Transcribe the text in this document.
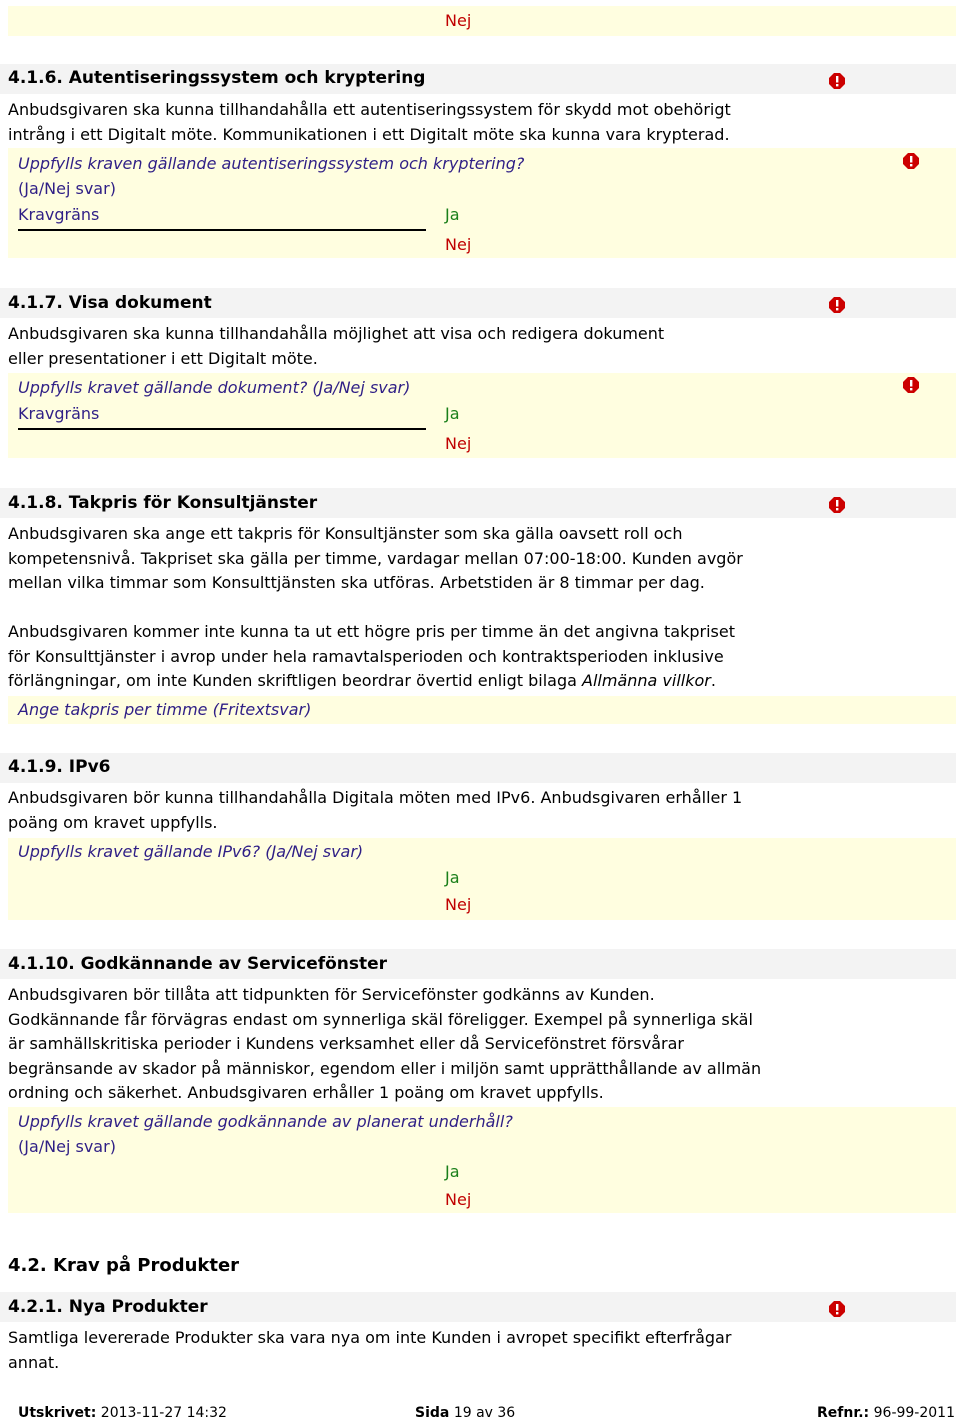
Nej
4.1.6. Autentiseringssystem och kryptering
Anbudsgivaren ska kunna tillhandahålla ett autentiseringssystem för skydd mot obehörigt
intrång i ett Digitalt möte. Kommunikationen i ett Digitalt möte ska kunna vara krypterad.
Uppfylls kraven gällande autentiseringssystem och kryptering?
(Ja/Nej svar)
Kravgräns	Ja
Nej
4.1.7. Visa dokument
Anbudsgivaren ska kunna tillhandahålla möjlighet att visa och redigera dokument
eller presentationer i ett Digitalt möte.
Uppfylls kravet gällande dokument? (Ja/Nej svar)
Kravgräns	Ja
Nej
4.1.8. Takpris för Konsultjänster
Anbudsgivaren ska ange ett takpris för Konsultjänster som ska gälla oavsett roll och
kompetensnivå. Takpriset ska gälla per timme, vardagar mellan 07:00-18:00. Kunden avgör
mellan vilka timmar som Konsulttjänsten ska utföras. Arbetstiden är 8 timmar per dag.
Anbudsgivaren kommer inte kunna ta ut ett högre pris per timme än det angivna takpriset
för Konsulttjänster i avrop under hela ramavtalsperioden och kontraktsperioden inklusive
förlängningar, om inte Kunden skriftligen beordrar övertid enligt bilaga Allmänna villkor.
Ange takpris per timme (Fritextsvar)
4.1.9. IPv6
Anbudsgivaren bör kunna tillhandahålla Digitala möten med IPv6. Anbudsgivaren erhåller 1
poäng om kravet uppfylls.
Uppfylls kravet gällande IPv6? (Ja/Nej svar)
Ja
Nej
4.1.10. Godkännande av Servicefönster
Anbudsgivaren bör tillåta att tidpunkten för Servicefönster godkänns av Kunden.
Godkännande får förvägras endast om synnerliga skäl föreligger. Exempel på synnerliga skäl
är samhällskritiska perioder i Kundens verksamhet eller då Servicefönstret försvårar
begränsande av skador på människor, egendom eller i miljön samt upprätthållande av allmän
ordning och säkerhet. Anbudsgivaren erhåller 1 poäng om kravet uppfylls.
Uppfylls kravet gällande godkännande av planerat underhåll?
(Ja/Nej svar)
Ja
Nej
4.2. Krav på Produkter
4.2.1. Nya Produkter
Samtliga levererade Produkter ska vara nya om inte Kunden i avropet specifikt efterfrågar
annat.
Utskrivet: 2013-11-27 14:32	Sida 19 av 36	Refnr.: 96-99-2011
